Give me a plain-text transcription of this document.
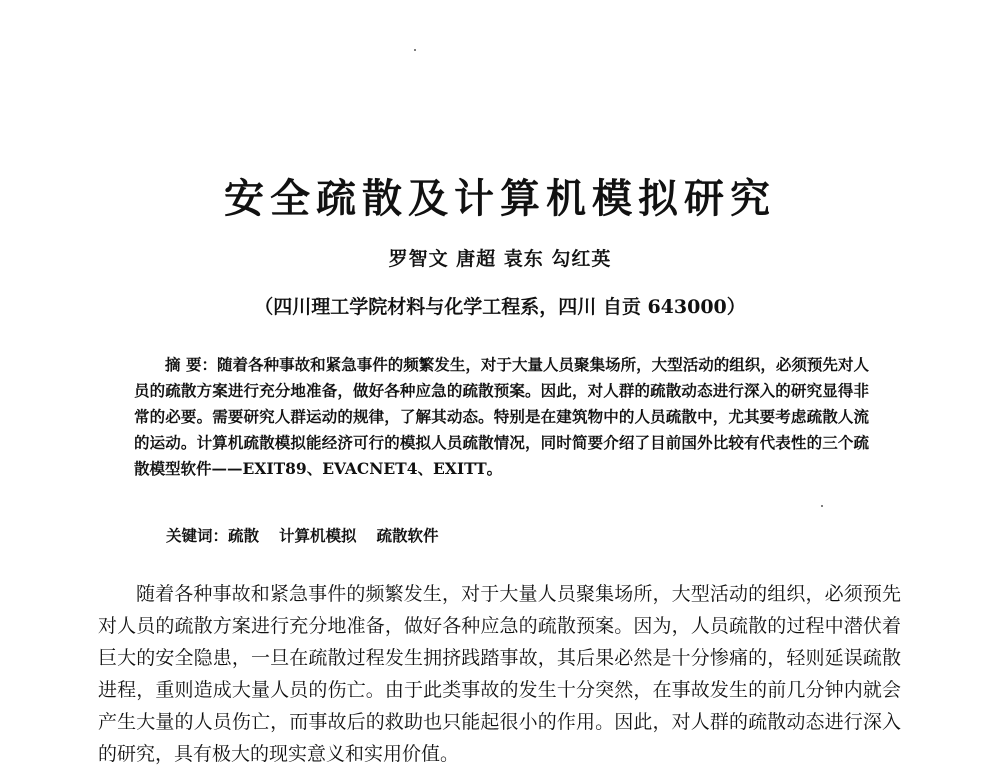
安全疏散及计算机模拟研究
罗智文 唐超 袁东 勾红英
（四川理工学院材料与化学工程系，四川 自贡 643000）
摘 要：随着各种事故和紧急事件的频繁发生，对于大量人员聚集场所，大型活动的组织，必须预先对人员的疏散方案进行充分地准备，做好各种应急的疏散预案。因此，对人群的疏散动态进行深入的研究显得非常的必要。需要研究人群运动的规律，了解其动态。特别是在建筑物中的人员疏散中，尤其要考虑疏散人流的运动。计算机疏散模拟能经济可行的模拟人员疏散情况，同时简要介绍了目前国外比较有代表性的三个疏散模型软件——EXIT89、EVACNET4、EXITT。
关键词：疏散 计算机模拟 疏散软件
随着各种事故和紧急事件的频繁发生，对于大量人员聚集场所，大型活动的组织，必须预先对人员的疏散方案进行充分地准备，做好各种应急的疏散预案。因为，人员疏散的过程中潜伏着巨大的安全隐患，一旦在疏散过程发生拥挤践踏事故，其后果必然是十分惨痛的，轻则延误疏散进程，重则造成大量人员的伤亡。由于此类事故的发生十分突然，在事故发生的前几分钟内就会产生大量的人员伤亡，而事故后的救助也只能起很小的作用。因此，对人群的疏散动态进行深入的研究，具有极大的现实意义和实用价值。
